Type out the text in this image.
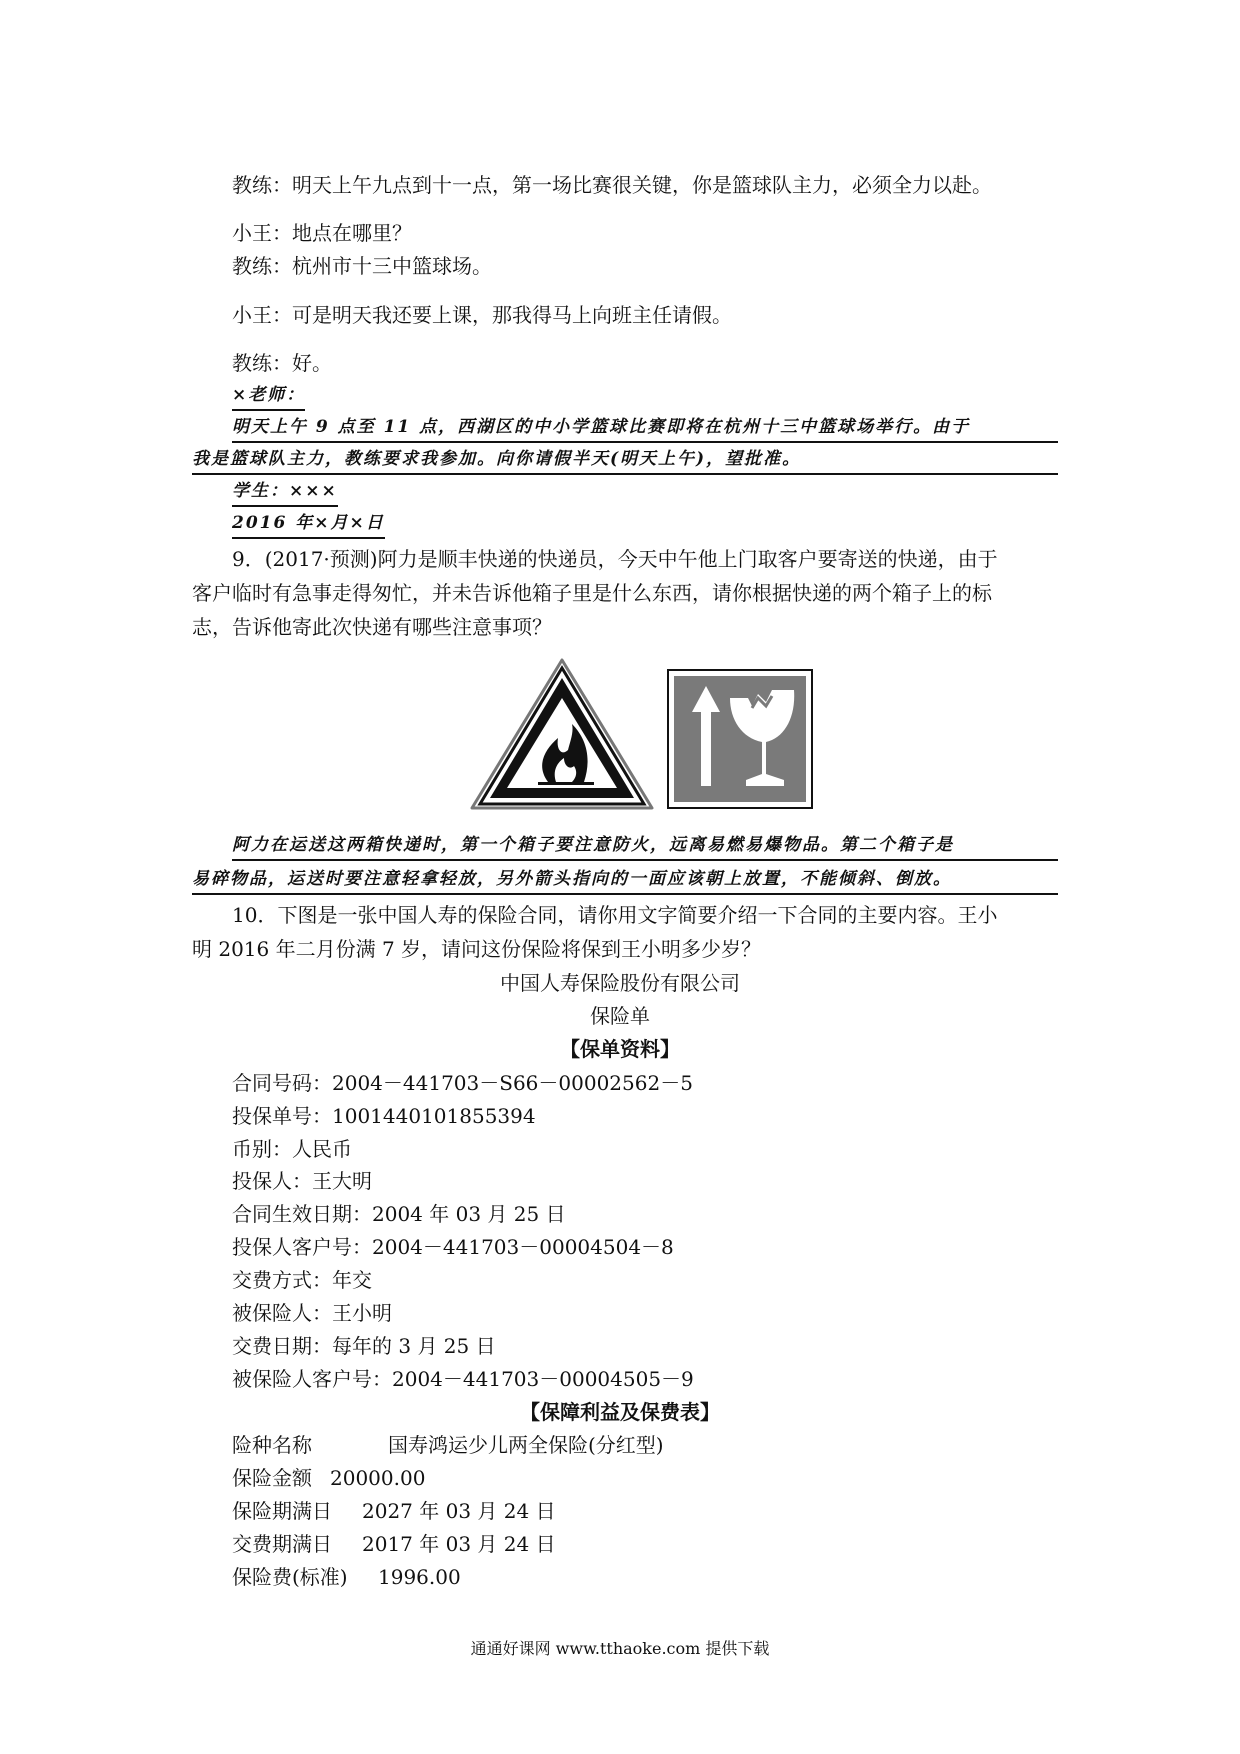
教练：明天上午九点到十一点，第一场比赛很关键，你是篮球队主力，必须全力以赴。
小王：地点在哪里？
教练：杭州市十三中篮球场。
小王：可是明天我还要上课，那我得马上向班主任请假。
教练：好。
×老师：
明天上午 9 点至 11 点，西湖区的中小学篮球比赛即将在杭州十三中篮球场举行。由于
我是篮球队主力，教练要求我参加。向你请假半天(明天上午)，望批准。
学生：×××
2016 年×月×日
9．(2017·预测)阿力是顺丰快递的快递员，今天中午他上门取客户要寄送的快递，由于
客户临时有急事走得匆忙，并未告诉他箱子里是什么东西，请你根据快递的两个箱子上的标
志，告诉他寄此次快递有哪些注意事项？
阿力在运送这两箱快递时，第一个箱子要注意防火，远离易燃易爆物品。第二个箱子是
易碎物品，运送时要注意轻拿轻放，另外箭头指向的一面应该朝上放置，不能倾斜、倒放。
10．下图是一张中国人寿的保险合同，请你用文字简要介绍一下合同的主要内容。王小
明 2016 年二月份满 7 岁，请问这份保险将保到王小明多少岁？
中国人寿保险股份有限公司
保险单
【保单资料】
合同号码：2004－441703－S66－00002562－5
投保单号：1001440101855394
币别：人民币
投保人：王大明
合同生效日期：2004 年 03 月 25 日
投保人客户号：2004－441703－00004504－8
交费方式：年交
被保险人：王小明
交费日期：每年的 3 月 25 日
被保险人客户号：2004－441703－00004505－9
【保障利益及保费表】
险种名称	国寿鸿运少儿两全保险(分红型)
保险金额 20000.00
保险期满日 2027 年 03 月 24 日
交费期满日 2017 年 03 月 24 日
保险费(标准) 1996.00
通通好课网 www.tthaoke.com 提供下载
